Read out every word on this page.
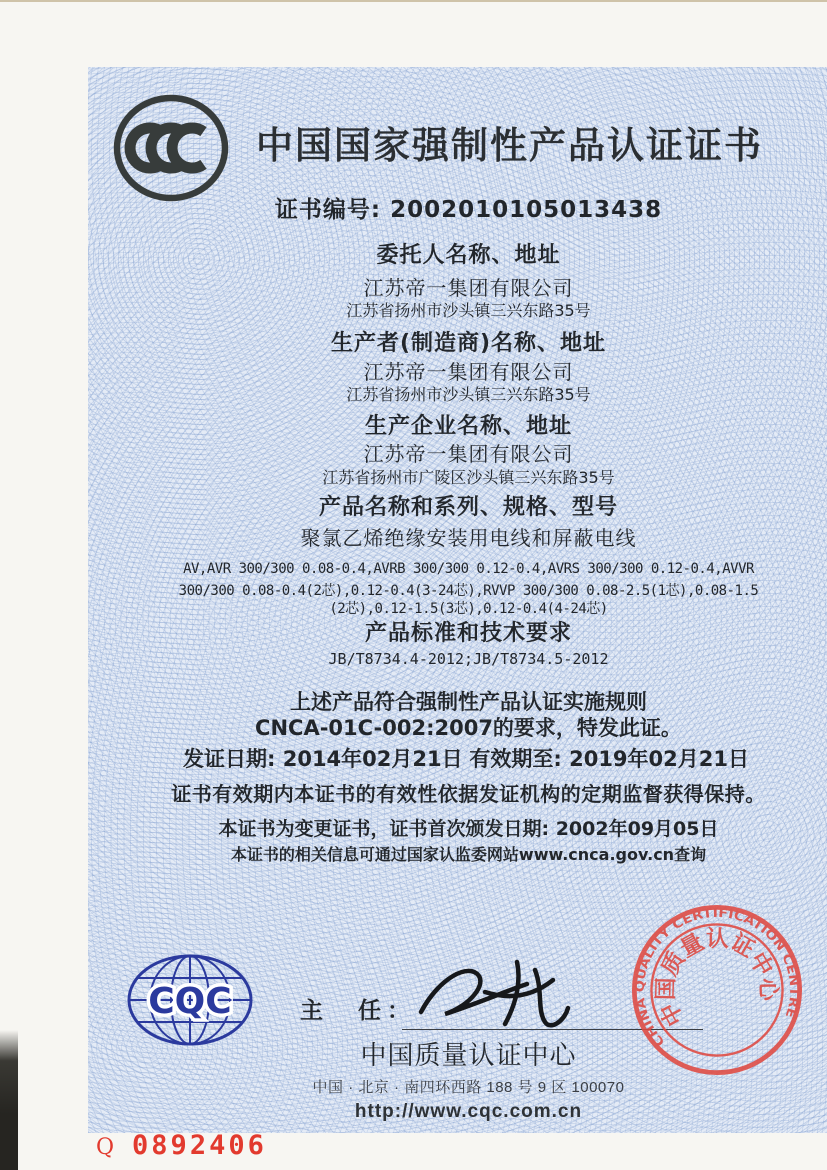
中国国家强制性产品认证证书
证书编号: 2002010105013438
委托人名称、地址
江苏帝一集团有限公司
江苏省扬州市沙头镇三兴东路35号
生产者(制造商)名称、地址
江苏帝一集团有限公司
江苏省扬州市沙头镇三兴东路35号
生产企业名称、地址
江苏帝一集团有限公司
江苏省扬州市广陵区沙头镇三兴东路35号
产品名称和系列、规格、型号
聚氯乙烯绝缘安装用电线和屏蔽电线
AV,AVR 300/300 0.08-0.4,AVRB 300/300 0.12-0.4,AVRS 300/300 0.12-0.4,AVVR
300/300 0.08-0.4(2芯),0.12-0.4(3-24芯),RVVP 300/300 0.08-2.5(1芯),0.08-1.5
(2芯),0.12-1.5(3芯),0.12-0.4(4-24芯)
产品标准和技术要求
JB/T8734.4-2012;JB/T8734.5-2012
上述产品符合强制性产品认证实施规则
CNCA-01C-002:2007的要求，特发此证。
发证日期: 2014年02月21日 有效期至: 2019年02月21日
证书有效期内本证书的有效性依据发证机构的定期监督获得保持。
本证书为变更证书，证书首次颁发日期: 2002年09月05日
本证书的相关信息可通过国家认监委网站www.cnca.gov.cn查询
CQC	主　任：
中国质量认证中心
中国 · 北京 · 南四环西路 188 号 9 区 100070
http://www.cqc.com.cn
CHINA QUALITY CERTIFICATION CENTRE
中国质量认证中心
Q 0892406
